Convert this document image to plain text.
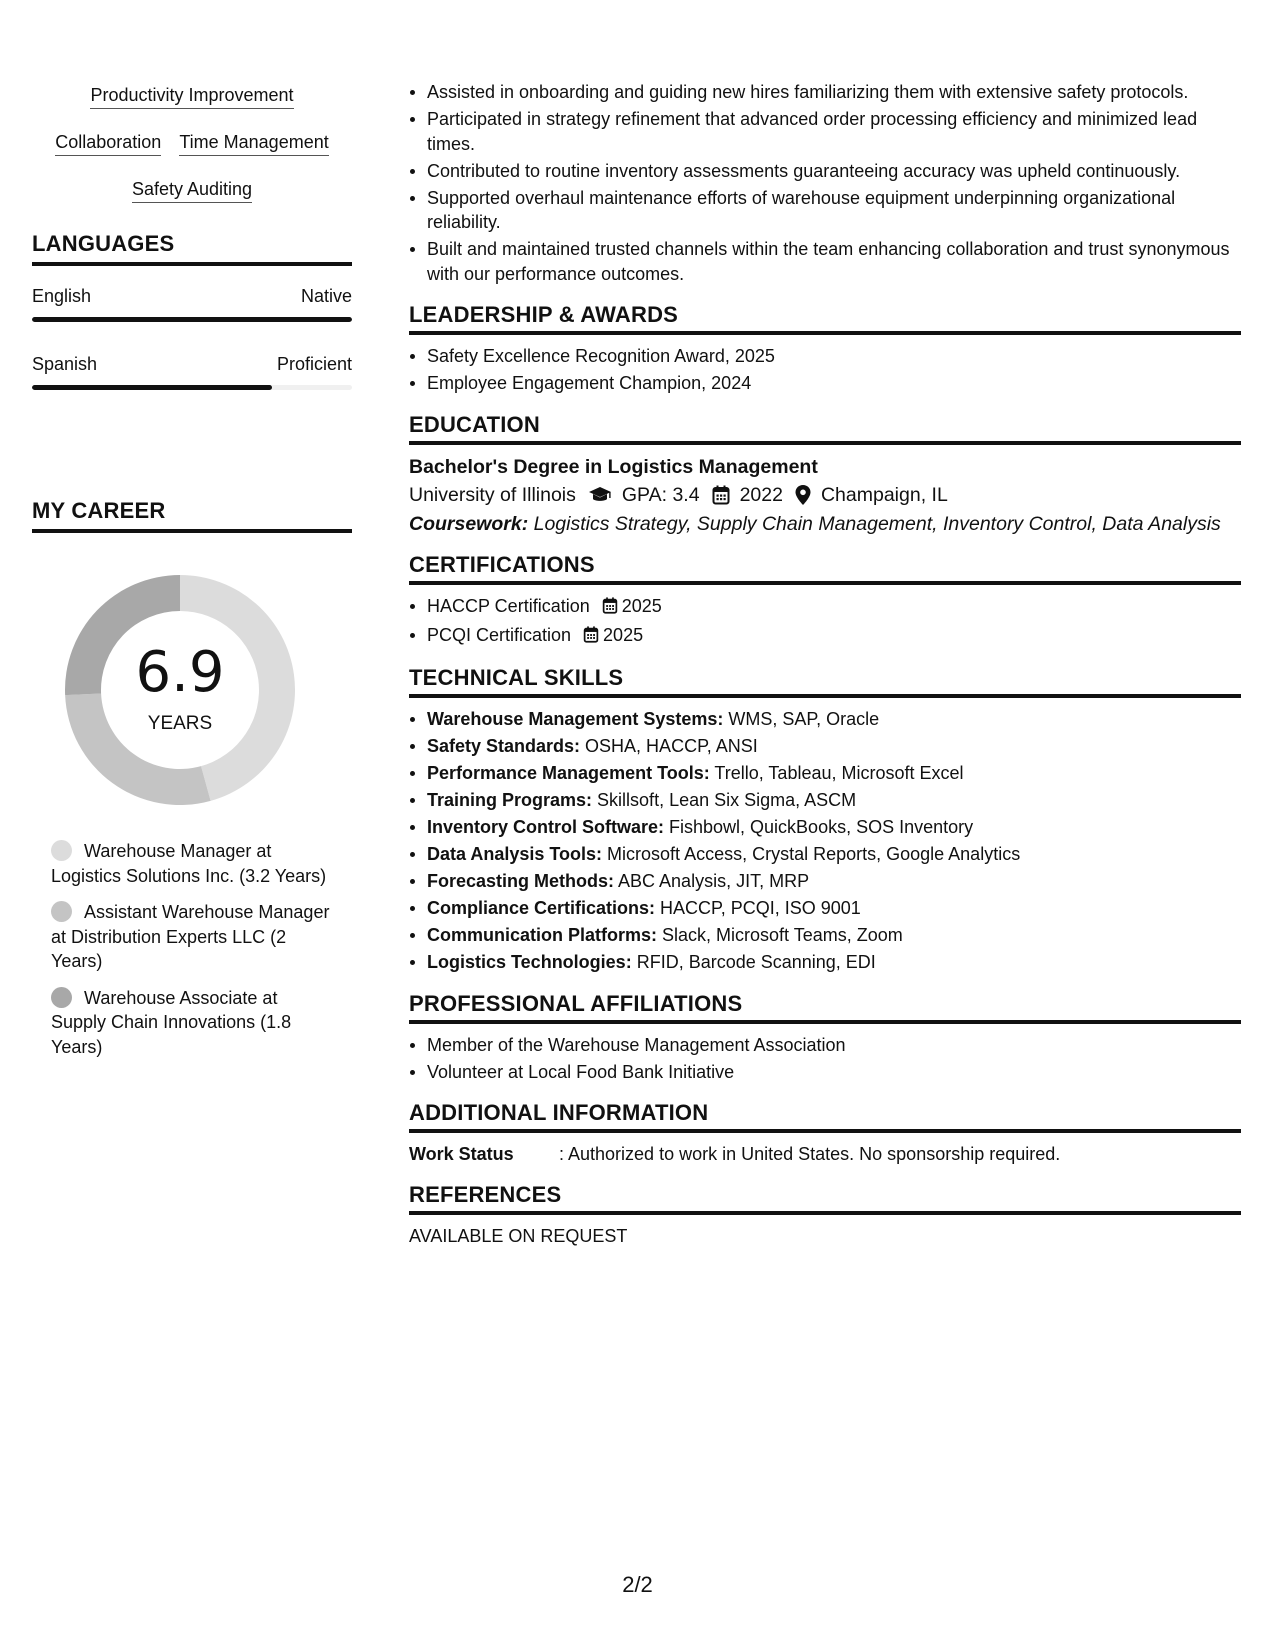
Productivity Improvement
Collaboration Time Management
Safety Auditing
LANGUAGES
English	Native
Spanish	Proficient
MY CAREER
6.9
YEARS
Warehouse Manager at Logistics Solutions Inc. (3.2 Years)
Assistant Warehouse Manager at Distribution Experts LLC (2 Years)
Warehouse Associate at Supply Chain Innovations (1.8 Years)
Assisted in onboarding and guiding new hires familiarizing them with extensive safety protocols.
Participated in strategy refinement that advanced order processing efficiency and minimized lead times.
Contributed to routine inventory assessments guaranteeing accuracy was upheld continuously.
Supported overhaul maintenance efforts of warehouse equipment underpinning organizational reliability.
Built and maintained trusted channels within the team enhancing collaboration and trust synonymous with our performance outcomes.
LEADERSHIP & AWARDS
Safety Excellence Recognition Award, 2025
Employee Engagement Champion, 2024
EDUCATION
Bachelor's Degree in Logistics Management
University of Illinois GPA: 3.4 2022 Champaign, IL
Coursework: Logistics Strategy, Supply Chain Management, Inventory Control, Data Analysis
CERTIFICATIONS
HACCP Certification 2025
PCQI Certification 2025
TECHNICAL SKILLS
Warehouse Management Systems: WMS, SAP, Oracle
Safety Standards: OSHA, HACCP, ANSI
Performance Management Tools: Trello, Tableau, Microsoft Excel
Training Programs: Skillsoft, Lean Six Sigma, ASCM
Inventory Control Software: Fishbowl, QuickBooks, SOS Inventory
Data Analysis Tools: Microsoft Access, Crystal Reports, Google Analytics
Forecasting Methods: ABC Analysis, JIT, MRP
Compliance Certifications: HACCP, PCQI, ISO 9001
Communication Platforms: Slack, Microsoft Teams, Zoom
Logistics Technologies: RFID, Barcode Scanning, EDI
PROFESSIONAL AFFILIATIONS
Member of the Warehouse Management Association
Volunteer at Local Food Bank Initiative
ADDITIONAL INFORMATION
Work Status	: Authorized to work in United States. No sponsorship required.
REFERENCES
AVAILABLE ON REQUEST
2/2
